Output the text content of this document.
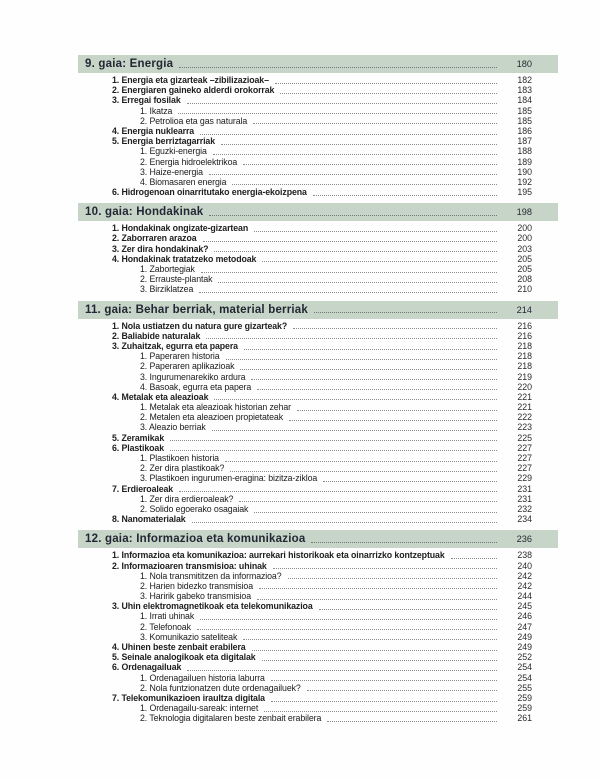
9. gaia: Energia	180
1. Energia eta gizarteak –zibilizazioak–	182
2. Energiaren gaineko alderdi orokorrak	183
3. Erregai fosilak	184
1. Ikatza	185
2. Petrolioa eta gas naturala	185
4. Energia nuklearra	186
5. Energia berriztagarriak	187
1. Eguzki-energia	188
2. Energia hidroelektrikoa	189
3. Haize-energia	190
4. Biomasaren energia	192
6. Hidrogenoan oinarritutako energia-ekoizpena	195
10. gaia: Hondakinak	198
1. Hondakinak ongizate-gizartean	200
2. Zaborraren arazoa	200
3. Zer dira hondakinak?	203
4. Hondakinak tratatzeko metodoak	205
1. Zabortegiak	205
2. Errauste-plantak	208
3. Birziklatzea	210
11. gaia: Behar berriak, material berriak	214
1. Nola ustiatzen du natura gure gizarteak?	216
2. Baliabide naturalak	216
3. Zuhaitzak, egurra eta papera	218
1. Paperaren historia	218
2. Paperaren aplikazioak	218
3. Ingurumenarekiko ardura	219
4. Basoak, egurra eta papera	220
4. Metalak eta aleazioak	221
1. Metalak eta aleazioak historian zehar	221
2. Metalen eta aleazioen propietateak	222
3. Aleazio berriak	223
5. Zeramikak	225
6. Plastikoak	227
1. Plastikoen historia	227
2. Zer dira plastikoak?	227
3. Plastikoen ingurumen-eragina: bizitza-zikloa	229
7. Erdieroaleak	231
1. Zer dira erdieroaleak?	231
2. Solido egoerako osagaiak	232
8. Nanomaterialak	234
12. gaia: Informazioa eta komunikazioa	236
1. Informazioa eta komunikazioa: aurrekari historikoak eta oinarrizko kontzeptuak	238
2. Informazioaren transmisioa: uhinak	240
1. Nola transmititzen da informazioa?	242
2. Harien bidezko transmisioa	242
3. Haririk gabeko transmisioa	244
3. Uhin elektromagnetikoak eta telekomunikazioa	245
1. Irrati uhinak	246
2. Telefonoak	247
3. Komunikazio sateliteak	249
4. Uhinen beste zenbait erabilera	249
5. Seinale analogikoak eta digitalak	252
6. Ordenagailuak	254
1. Ordenagailuen historia laburra	254
2. Nola funtzionatzen dute ordenagailuek?	255
7. Telekomunikazioen iraultza digitala	259
1. Ordenagailu-sareak: internet	259
2. Teknologia digitalaren beste zenbait erabilera	261
